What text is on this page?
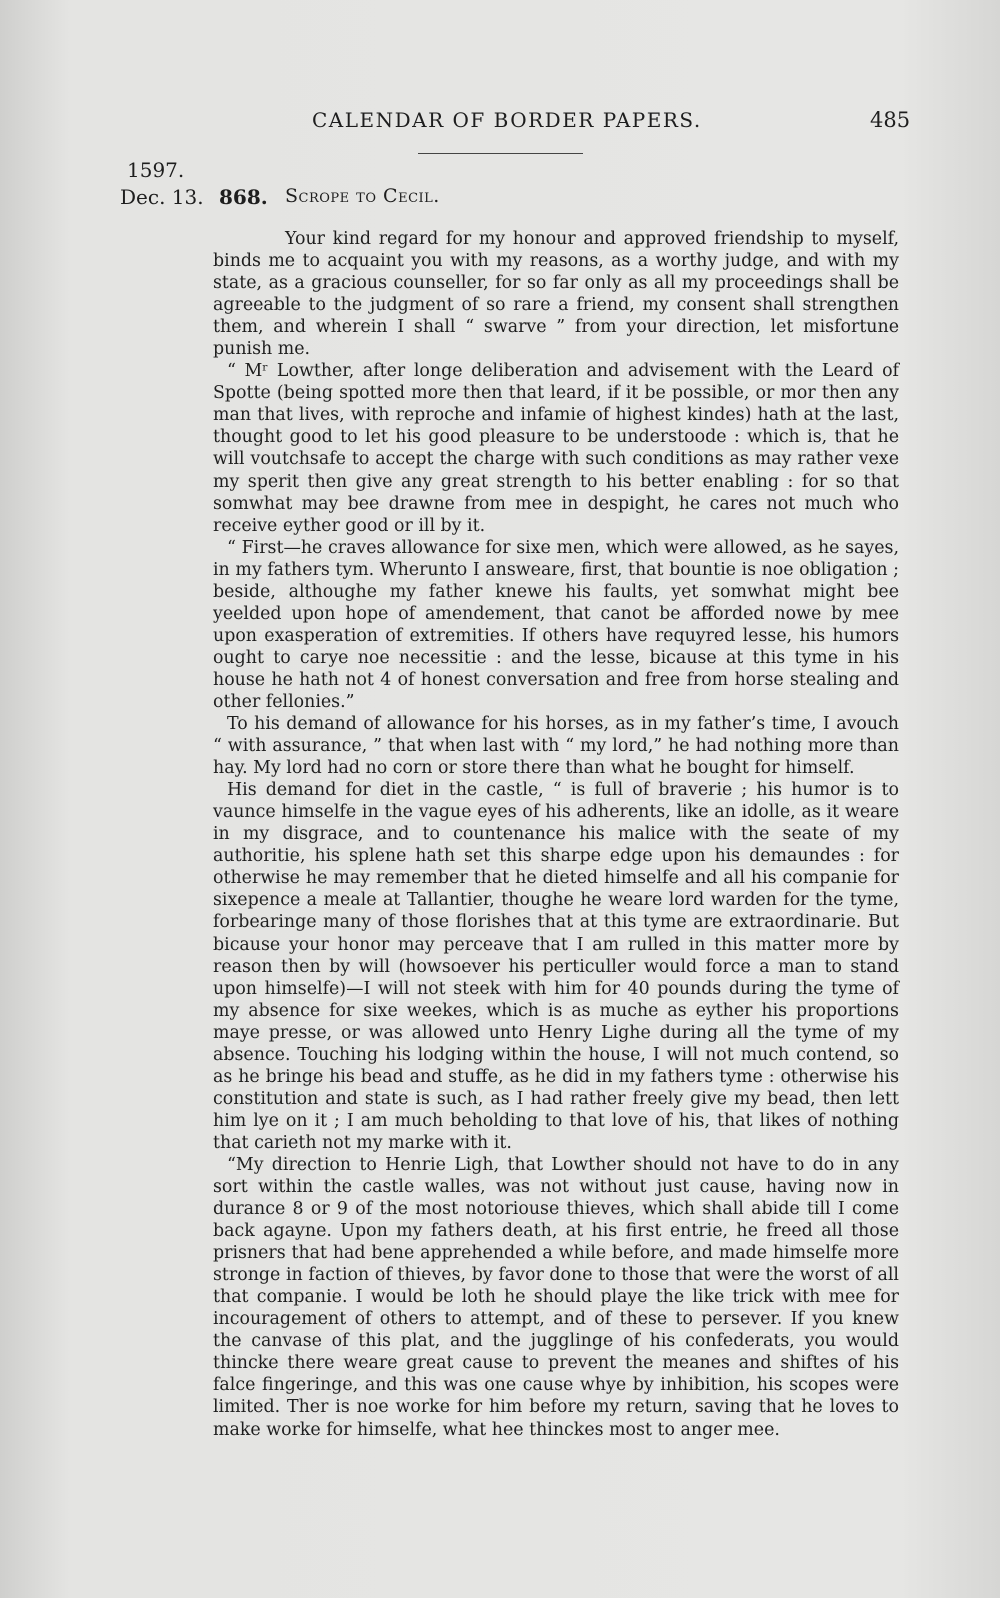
CALENDAR OF BORDER PAPERS.	485
1597.
Dec. 13. 868. Scrope to Cecil.

Your kind regard for my honour and approved friendship to myself, binds me to acquaint you with my reasons, as a worthy judge, and with my state, as a gracious counseller, for so far only as all my proceedings shall be agreeable to the judgment of so rare a friend, my consent shall strengthen them, and wherein I shall “ swarve ” from your direction, let misfortune punish me.

“ Mʳ Lowther, after longe deliberation and advisement with the Leard of Spotte (being spotted more then that leard, if it be possible, or mor then any man that lives, with reproche and infamie of highest kindes) hath at the last, thought good to let his good pleasure to be understoode : which is, that he will voutchsafe to accept the charge with such conditions as may rather vexe my sperit then give any great strength to his better enabling : for so that somwhat may bee drawne from mee in despight, he cares not much who receive eyther good or ill by it.

“ First—he craves allowance for sixe men, which were allowed, as he sayes, in my fathers tym. Wherunto I answeare, first, that bountie is noe obligation ; beside, althoughe my father knewe his faults, yet somwhat might bee yeelded upon hope of amendement, that canot be afforded nowe by mee upon exasperation of extremities. If others have requyred lesse, his humors ought to carye noe necessitie : and the lesse, bicause at this tyme in his house he hath not 4 of honest conversation and free from horse stealing and other fellonies.”

To his demand of allowance for his horses, as in my father’s time, I avouch “ with assurance, ” that when last with “ my lord,” he had nothing more than hay. My lord had no corn or store there than what he bought for himself.

His demand for diet in the castle, “ is full of braverie ; his humor is to vaunce himselfe in the vague eyes of his adherents, like an idolle, as it weare in my disgrace, and to countenance his malice with the seate of my authoritie, his splene hath set this sharpe edge upon his demaundes : for otherwise he may remember that he dieted himselfe and all his companie for sixepence a meale at Tallantier, thoughe he weare lord warden for the tyme, forbearinge many of those florishes that at this tyme are extraordinarie. But bicause your honor may perceave that I am rulled in this matter more by reason then by will (howsoever his perticuller would force a man to stand upon himselfe)—I will not steek with him for 40 pounds during the tyme of my absence for sixe weekes, which is as muche as eyther his proportions maye presse, or was allowed unto Henry Lighe during all the tyme of my absence. Touching his lodging within the house, I will not much contend, so as he bringe his bead and stuffe, as he did in my fathers tyme : otherwise his constitution and state is such, as I had rather freely give my bead, then lett him lye on it ; I am much beholding to that love of his, that likes of nothing that carieth not my marke with it.

“My direction to Henrie Ligh, that Lowther should not have to do in any sort within the castle walles, was not without just cause, having now in durance 8 or 9 of the most notoriouse thieves, which shall abide till I come back agayne. Upon my fathers death, at his first entrie, he freed all those prisners that had bene apprehended a while before, and made himselfe more stronge in faction of thieves, by favor done to those that were the worst of all that companie. I would be loth he should playe the like trick with mee for incouragement of others to attempt, and of these to persever. If you knew the canvase of this plat, and the jugglinge of his confederats, you would thincke there weare great cause to prevent the meanes and shiftes of his falce fingeringe, and this was one cause whye by inhibition, his scopes were limited. Ther is noe worke for him before my return, saving that he loves to make worke for himselfe, what hee thinckes most to anger mee.
